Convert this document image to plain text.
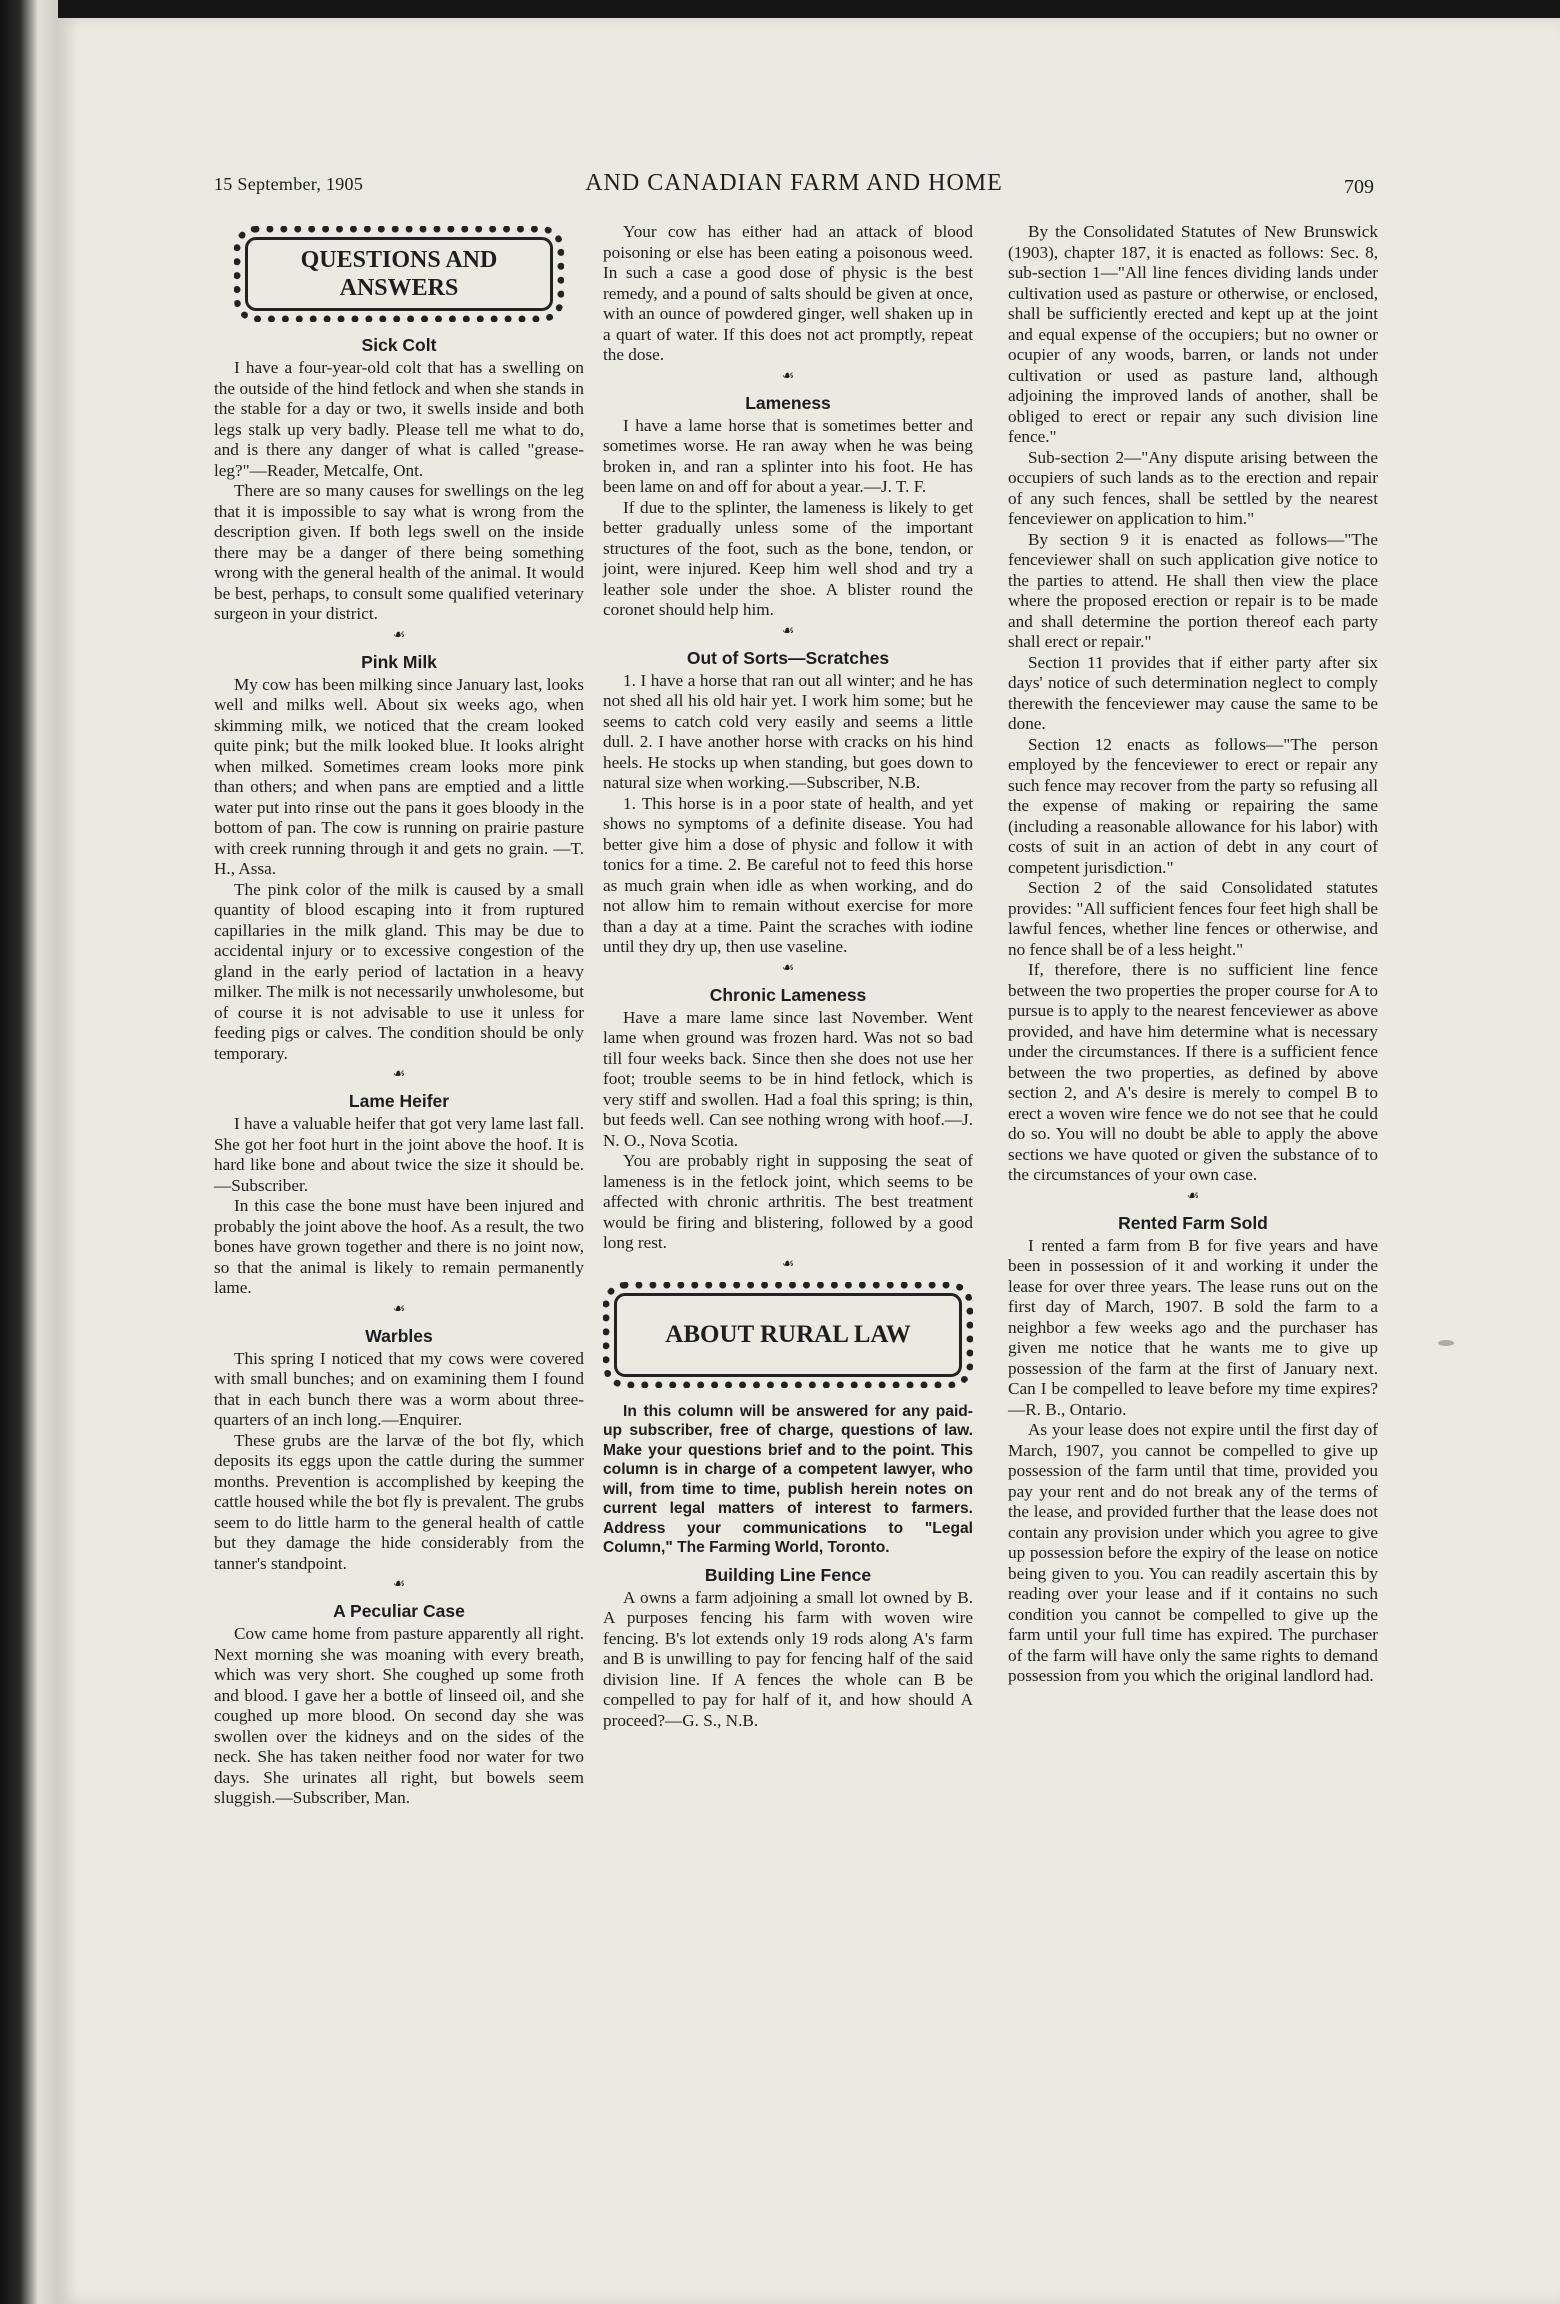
15 September, 1905	AND CANADIAN FARM AND HOME	709
QUESTIONS AND ANSWERS
Sick Colt

I have a four-year-old colt that has a swelling on the outside of the hind fetlock and when she stands in the stable for a day or two, it swells inside and both legs stalk up very badly. Please tell me what to do, and is there any danger of what is called "grease-leg?"—Reader, Metcalfe, Ont.

There are so many causes for swellings on the leg that it is impossible to say what is wrong from the description given. If both legs swell on the inside there may be a danger of there being something wrong with the general health of the animal. It would be best, perhaps, to consult some qualified veterinary surgeon in your district.

☙
Pink Milk

My cow has been milking since January last, looks well and milks well. About six weeks ago, when skimming milk, we noticed that the cream looked quite pink; but the milk looked blue. It looks alright when milked. Sometimes cream looks more pink than others; and when pans are emptied and a little water put into rinse out the pans it goes bloody in the bottom of pan. The cow is running on prairie pasture with creek running through it and gets no grain. —T. H., Assa.

The pink color of the milk is caused by a small quantity of blood escaping into it from ruptured capillaries in the milk gland. This may be due to accidental injury or to excessive congestion of the gland in the early period of lactation in a heavy milker. The milk is not necessarily unwholesome, but of course it is not advisable to use it unless for feeding pigs or calves. The condition should be only temporary.

☙
Lame Heifer

I have a valuable heifer that got very lame last fall. She got her foot hurt in the joint above the hoof. It is hard like bone and about twice the size it should be.—Subscriber.

In this case the bone must have been injured and probably the joint above the hoof. As a result, the two bones have grown together and there is no joint now, so that the animal is likely to remain permanently lame.

☙
Warbles

This spring I noticed that my cows were covered with small bunches; and on examining them I found that in each bunch there was a worm about three-quarters of an inch long.—Enquirer.

These grubs are the larvæ of the bot fly, which deposits its eggs upon the cattle during the summer months. Prevention is accomplished by keeping the cattle housed while the bot fly is prevalent. The grubs seem to do little harm to the general health of cattle but they damage the hide considerably from the tanner's standpoint.

☙
A Peculiar Case

Cow came home from pasture apparently all right. Next morning she was moaning with every breath, which was very short. She coughed up some froth and blood. I gave her a bottle of linseed oil, and she coughed up more blood. On second day she was swollen over the kidneys and on the sides of the neck. She has taken neither food nor water for two days. She urinates all right, but bowels seem sluggish.—Subscriber, Man.

Your cow has either had an attack of blood poisoning or else has been eating a poisonous weed. In such a case a good dose of physic is the best remedy, and a pound of salts should be given at once, with an ounce of powdered ginger, well shaken up in a quart of water. If this does not act promptly, repeat the dose.

☙
Lameness

I have a lame horse that is sometimes better and sometimes worse. He ran away when he was being broken in, and ran a splinter into his foot. He has been lame on and off for about a year.—J. T. F.

If due to the splinter, the lameness is likely to get better gradually unless some of the important structures of the foot, such as the bone, tendon, or joint, were injured. Keep him well shod and try a leather sole under the shoe. A blister round the coronet should help him.

☙
Out of Sorts—Scratches

1. I have a horse that ran out all winter; and he has not shed all his old hair yet. I work him some; but he seems to catch cold very easily and seems a little dull. 2. I have another horse with cracks on his hind heels. He stocks up when standing, but goes down to natural size when working.—Subscriber, N.B.

1. This horse is in a poor state of health, and yet shows no symptoms of a definite disease. You had better give him a dose of physic and follow it with tonics for a time. 2. Be careful not to feed this horse as much grain when idle as when working, and do not allow him to remain without exercise for more than a day at a time. Paint the scraches with iodine until they dry up, then use vaseline.

☙
Chronic Lameness

Have a mare lame since last November. Went lame when ground was frozen hard. Was not so bad till four weeks back. Since then she does not use her foot; trouble seems to be in hind fetlock, which is very stiff and swollen. Had a foal this spring; is thin, but feeds well. Can see nothing wrong with hoof.—J. N. O., Nova Scotia.

You are probably right in supposing the seat of lameness is in the fetlock joint, which seems to be affected with chronic arthritis. The best treatment would be firing and blistering, followed by a good long rest.

☙
ABOUT RURAL LAW

In this column will be answered for any paid-up subscriber, free of charge, questions of law. Make your questions brief and to the point. This column is in charge of a competent lawyer, who will, from time to time, publish herein notes on current legal matters of interest to farmers. Address your communications to "Legal Column," The Farming World, Toronto.

Building Line Fence

A owns a farm adjoining a small lot owned by B. A purposes fencing his farm with woven wire fencing. B's lot extends only 19 rods along A's farm and B is unwilling to pay for fencing half of the said division line. If A fences the whole can B be compelled to pay for half of it, and how should A proceed?—G. S., N.B.

By the Consolidated Statutes of New Brunswick (1903), chapter 187, it is enacted as follows: Sec. 8, sub-section 1—"All line fences dividing lands under cultivation used as pasture or otherwise, or enclosed, shall be sufficiently erected and kept up at the joint and equal expense of the occupiers; but no owner or ocupier of any woods, barren, or lands not under cultivation or used as pasture land, although adjoining the improved lands of another, shall be obliged to erect or repair any such division line fence."

Sub-section 2—"Any dispute arising between the occupiers of such lands as to the erection and repair of any such fences, shall be settled by the nearest fenceviewer on application to him."

By section 9 it is enacted as follows—"The fenceviewer shall on such application give notice to the parties to attend. He shall then view the place where the proposed erection or repair is to be made and shall determine the portion thereof each party shall erect or repair."

Section 11 provides that if either party after six days' notice of such determination neglect to comply therewith the fenceviewer may cause the same to be done.

Section 12 enacts as follows—"The person employed by the fenceviewer to erect or repair any such fence may recover from the party so refusing all the expense of making or repairing the same (including a reasonable allowance for his labor) with costs of suit in an action of debt in any court of competent jurisdiction."

Section 2 of the said Consolidated statutes provides: "All sufficient fences four feet high shall be lawful fences, whether line fences or otherwise, and no fence shall be of a less height."

If, therefore, there is no sufficient line fence between the two properties the proper course for A to pursue is to apply to the nearest fenceviewer as above provided, and have him determine what is necessary under the circumstances. If there is a sufficient fence between the two properties, as defined by above section 2, and A's desire is merely to compel B to erect a woven wire fence we do not see that he could do so. You will no doubt be able to apply the above sections we have quoted or given the substance of to the circumstances of your own case.

☙
Rented Farm Sold

I rented a farm from B for five years and have been in possession of it and working it under the lease for over three years. The lease runs out on the first day of March, 1907. B sold the farm to a neighbor a few weeks ago and the purchaser has given me notice that he wants me to give up possession of the farm at the first of January next. Can I be compelled to leave before my time expires?—R. B., Ontario.

As your lease does not expire until the first day of March, 1907, you cannot be compelled to give up possession of the farm until that time, provided you pay your rent and do not break any of the terms of the lease, and provided further that the lease does not contain any provision under which you agree to give up possession before the expiry of the lease on notice being given to you. You can readily ascertain this by reading over your lease and if it contains no such condition you cannot be compelled to give up the farm until your full time has expired. The purchaser of the farm will have only the same rights to demand possession from you which the original landlord had.
